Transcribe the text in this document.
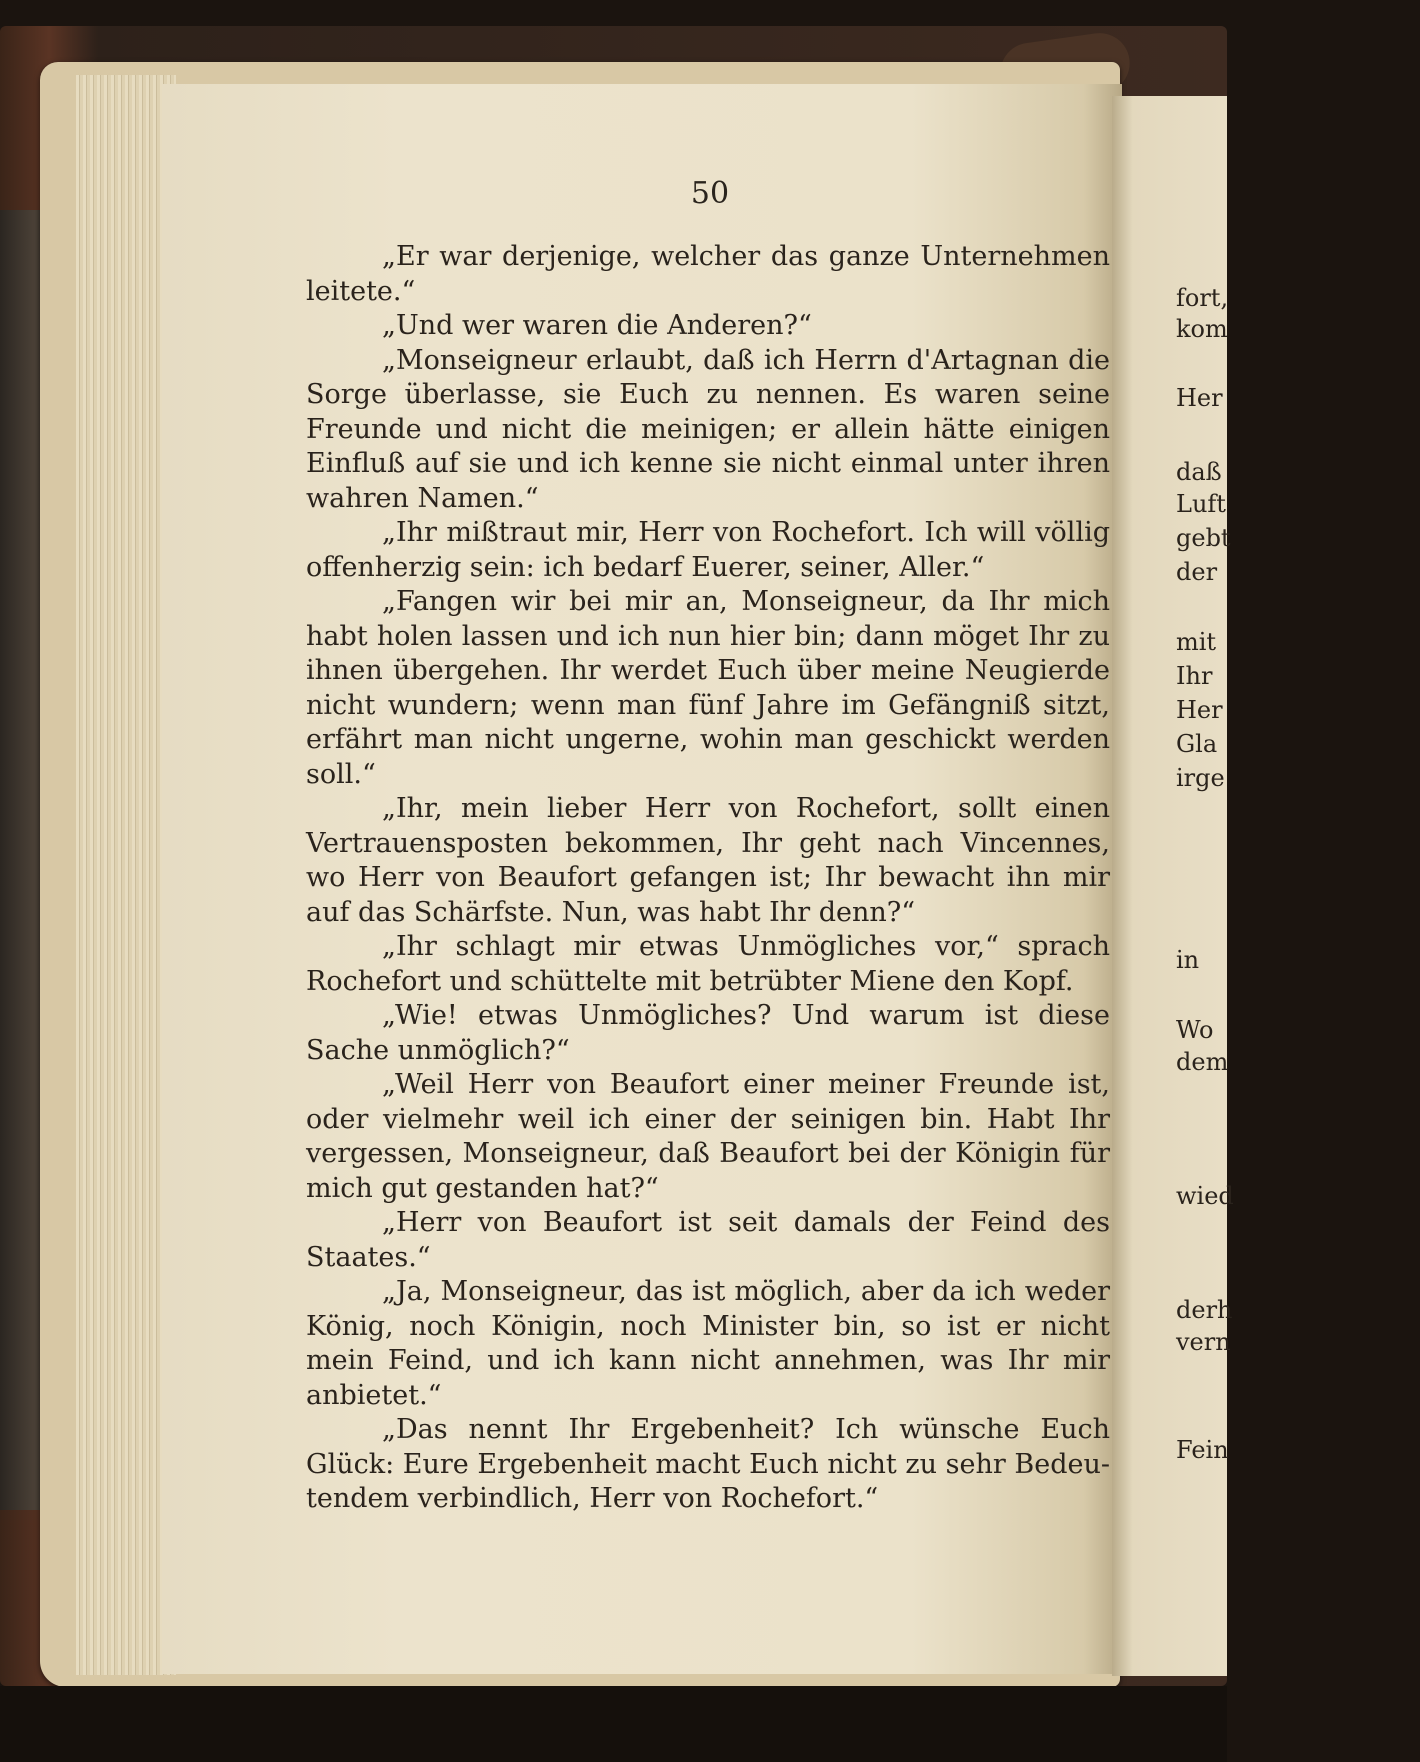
fort,
kom
Her
daß
Luft
gebt
der
mit
Ihr
Her
Gla
irge
in
Wo
dem
wied
derh
vern
Fein
50

„Er war derjenige, welcher das ganze Unternehmen leitete.“

„Und wer waren die Anderen?“

„Monseigneur erlaubt, daß ich Herrn d'Artagnan die Sorge überlasse, sie Euch zu nennen. Es waren seine Freunde und nicht die meinigen; er allein hätte einigen Einfluß auf sie und ich kenne sie nicht einmal unter ihren wahren Namen.“

„Ihr mißtraut mir, Herr von Rochefort. Ich will völlig offenherzig sein: ich bedarf Euerer, seiner, Aller.“

„Fangen wir bei mir an, Monseigneur, da Ihr mich habt holen lassen und ich nun hier bin; dann möget Ihr zu ihnen übergehen. Ihr werdet Euch über meine Neugierde nicht wundern; wenn man fünf Jahre im Gefängniß sitzt, erfährt man nicht ungerne, wohin man geschickt werden soll.“

„Ihr, mein lieber Herr von Rochefort, sollt einen Vertrauensposten bekommen, Ihr geht nach Vincennes, wo Herr von Beaufort gefangen ist; Ihr bewacht ihn mir auf das Schärfste. Nun, was habt Ihr denn?“

„Ihr schlagt mir etwas Unmögliches vor,“ sprach Rochefort und schüttelte mit betrübter Miene den Kopf.

„Wie! etwas Unmögliches? Und warum ist diese Sache unmöglich?“

„Weil Herr von Beaufort einer meiner Freunde ist, oder vielmehr weil ich einer der seinigen bin. Habt Ihr vergessen, Monseigneur, daß Beaufort bei der Königin für mich gut gestanden hat?“

„Herr von Beaufort ist seit damals der Feind des Staates.“

„Ja, Monseigneur, das ist möglich, aber da ich weder König, noch Königin, noch Minister bin, so ist er nicht mein Feind, und ich kann nicht annehmen, was Ihr mir anbietet.“

„Das nennt Ihr Ergebenheit? Ich wünsche Euch Glück: Eure Ergebenheit macht Euch nicht zu sehr Bedeutendem verbindlich, Herr von Rochefort.“
